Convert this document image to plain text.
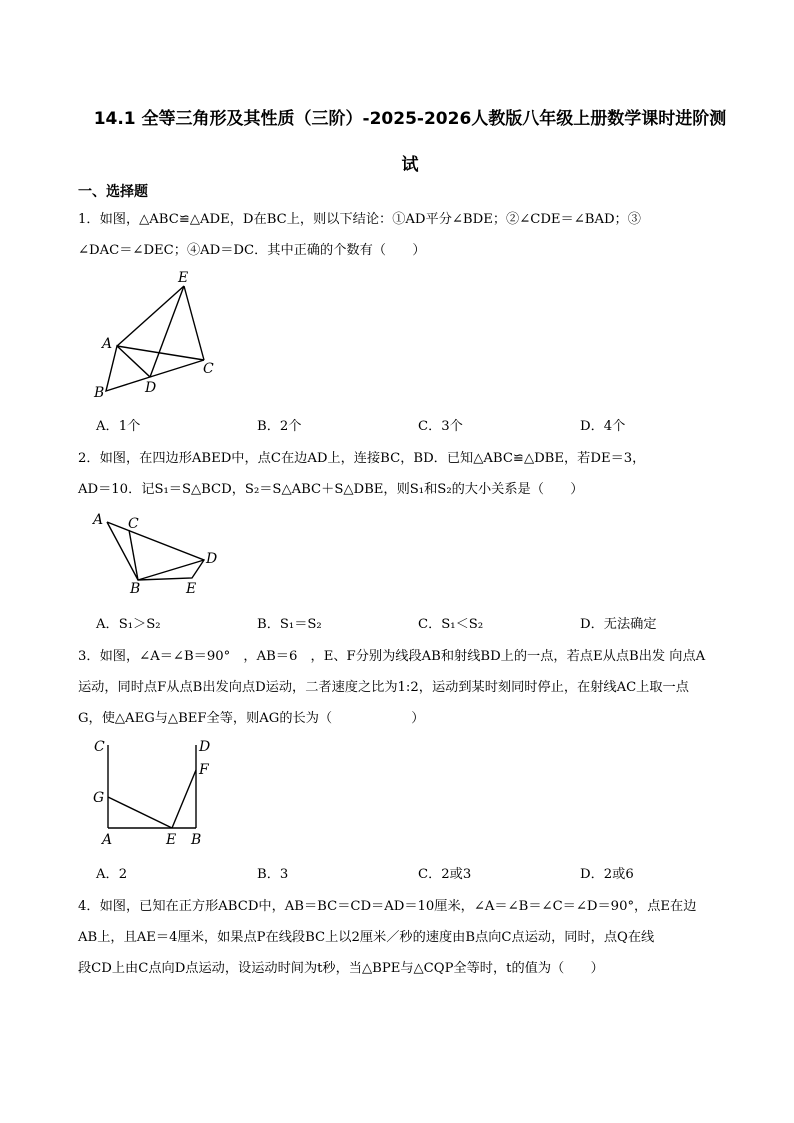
14.1 全等三角形及其性质（三阶）-2025-2026人教版八年级上册数学课时进阶测
试
一、选择题
1．如图，△ABC≌△ADE，D在BC上，则以下结论：①AD平分∠BDE；②∠CDE＝∠BAD；③
∠DAC＝∠DEC；④AD＝DC．其中正确的个数有（　　）
E
A
C
B	D
A．1个	B．2个	C．3个	D．4个
2．如图，在四边形ABED中，点C在边AD上，连接BC，BD．已知△ABC≌△DBE，若DE＝3，
AD＝10．记S₁＝S△BCD，S₂＝S△ABC＋S△DBE，则S₁和S₂的大小关系是（　　）
A C
D
B	E
A．S₁＞S₂	B．S₁＝S₂	C．S₁＜S₂	D．无法确定
3．如图，∠A＝∠B＝90°　，AB＝6　，E、F分别为线段AB和射线BD上的一点，若点E从点B出发 向点A
运动，同时点F从点B出发向点D运动，二者速度之比为1:2，运动到某时刻同时停止，在射线AC上取一点
G，使△AEG与△BEF全等，则AG的长为（　　　　　　）
C	D
F
G
A	E B
A．2	B．3	C．2或3	D．2或6
4．如图，已知在正方形ABCD中，AB＝BC＝CD＝AD＝10厘米，∠A＝∠B＝∠C＝∠D＝90°，点E在边
AB上，且AE＝4厘米，如果点P在线段BC上以2厘米／秒的速度由B点向C点运动，同时，点Q在线
段CD上由C点向D点运动，设运动时间为t秒，当△BPE与△CQP全等时，t的值为（　　）
